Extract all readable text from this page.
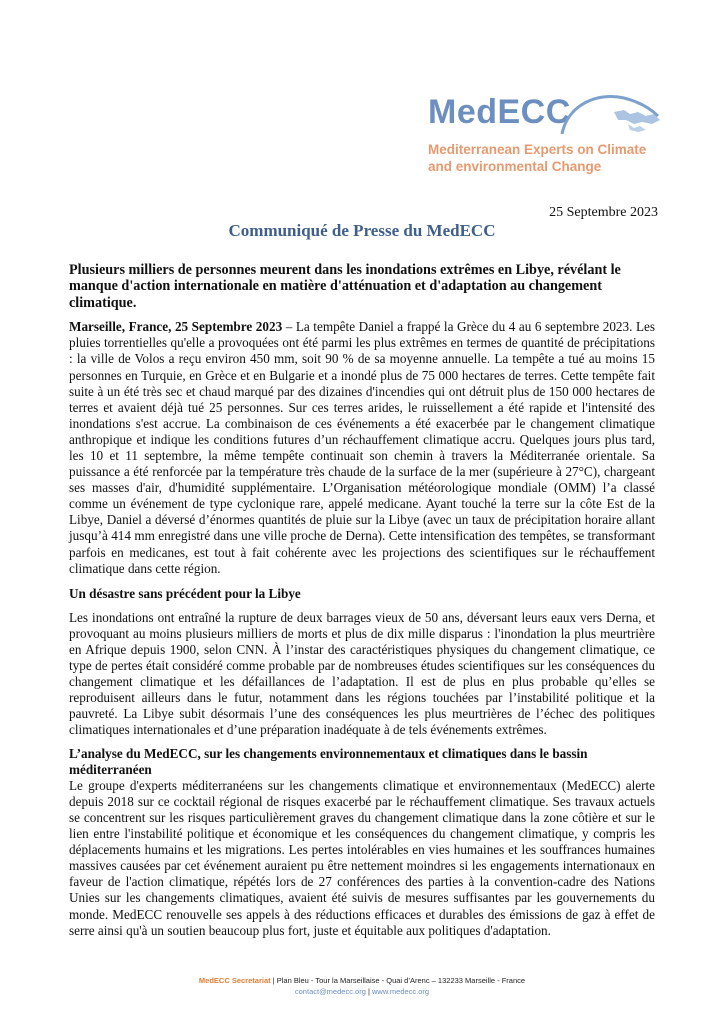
MedECC
Mediterranean Experts on Climate
and environmental Change
25 Septembre 2023
Communiqué de Presse du MedECC

Plusieurs milliers de personnes meurent dans les inondations extrêmes en Libye, révélant le manque d'action internationale en matière d'atténuation et d'adaptation au changement climatique.

Marseille, France, 25 Septembre 2023 – La tempête Daniel a frappé la Grèce du 4 au 6 septembre 2023. Les pluies torrentielles qu'elle a provoquées ont été parmi les plus extrêmes en termes de quantité de précipitations : la ville de Volos a reçu environ 450 mm, soit 90 % de sa moyenne annuelle. La tempête a tué au moins 15 personnes en Turquie, en Grèce et en Bulgarie et a inondé plus de 75 000 hectares de terres. Cette tempête fait suite à un été très sec et chaud marqué par des dizaines d'incendies qui ont détruit plus de 150 000 hectares de terres et avaient déjà tué 25 personnes. Sur ces terres arides, le ruissellement a été rapide et l'intensité des inondations s'est accrue. La combinaison de ces événements a été exacerbée par le changement climatique anthropique et indique les conditions futures d’un réchauffement climatique accru. Quelques jours plus tard, les 10 et 11 septembre, la même tempête continuait son chemin à travers la Méditerranée orientale. Sa puissance a été renforcée par la température très chaude de la surface de la mer (supérieure à 27°C), chargeant ses masses d'air, d'humidité supplémentaire. L’Organisation météorologique mondiale (OMM) l’a classé comme un événement de type cyclonique rare, appelé medicane. Ayant touché la terre sur la côte Est de la Libye, Daniel a déversé d’énormes quantités de pluie sur la Libye (avec un taux de précipitation horaire allant jusqu’à 414 mm enregistré dans une ville proche de Derna). Cette intensification des tempêtes, se transformant parfois en medicanes, est tout à fait cohérente avec les projections des scientifiques sur le réchauffement climatique dans cette région.

Un désastre sans précédent pour la Libye

Les inondations ont entraîné la rupture de deux barrages vieux de 50 ans, déversant leurs eaux vers Derna, et provoquant au moins plusieurs milliers de morts et plus de dix mille disparus : l'inondation la plus meurtrière en Afrique depuis 1900, selon CNN. À l’instar des caractéristiques physiques du changement climatique, ce type de pertes était considéré comme probable par de nombreuses études scientifiques sur les conséquences du changement climatique et les défaillances de l’adaptation. Il est de plus en plus probable qu’elles se reproduisent ailleurs dans le futur, notamment dans les régions touchées par l’instabilité politique et la pauvreté. La Libye subit désormais l’une des conséquences les plus meurtrières de l’échec des politiques climatiques internationales et d’une préparation inadéquate à de tels événements extrêmes.

L’analyse du MedECC, sur les changements environnementaux et climatiques dans le bassin méditerranéen

Le groupe d'experts méditerranéens sur les changements climatique et environnementaux (MedECC) alerte depuis 2018 sur ce cocktail régional de risques exacerbé par le réchauffement climatique. Ses travaux actuels se concentrent sur les risques particulièrement graves du changement climatique dans la zone côtière et sur le lien entre l'instabilité politique et économique et les conséquences du changement climatique, y compris les déplacements humains et les migrations. Les pertes intolérables en vies humaines et les souffrances humaines massives causées par cet événement auraient pu être nettement moindres si les engagements internationaux en faveur de l'action climatique, répétés lors de 27 conférences des parties à la convention-cadre des Nations Unies sur les changements climatiques, avaient été suivis de mesures suffisantes par les gouvernements du monde. MedECC renouvelle ses appels à des réductions efficaces et durables des émissions de gaz à effet de serre ainsi qu'à un soutien beaucoup plus fort, juste et équitable aux politiques d'adaptation.

MedECC Secretariat | Plan Bleu - Tour la Marseillaise - Quai d’Arenc – 132233 Marseille - France
contact@medecc.org | www.medecc.org
